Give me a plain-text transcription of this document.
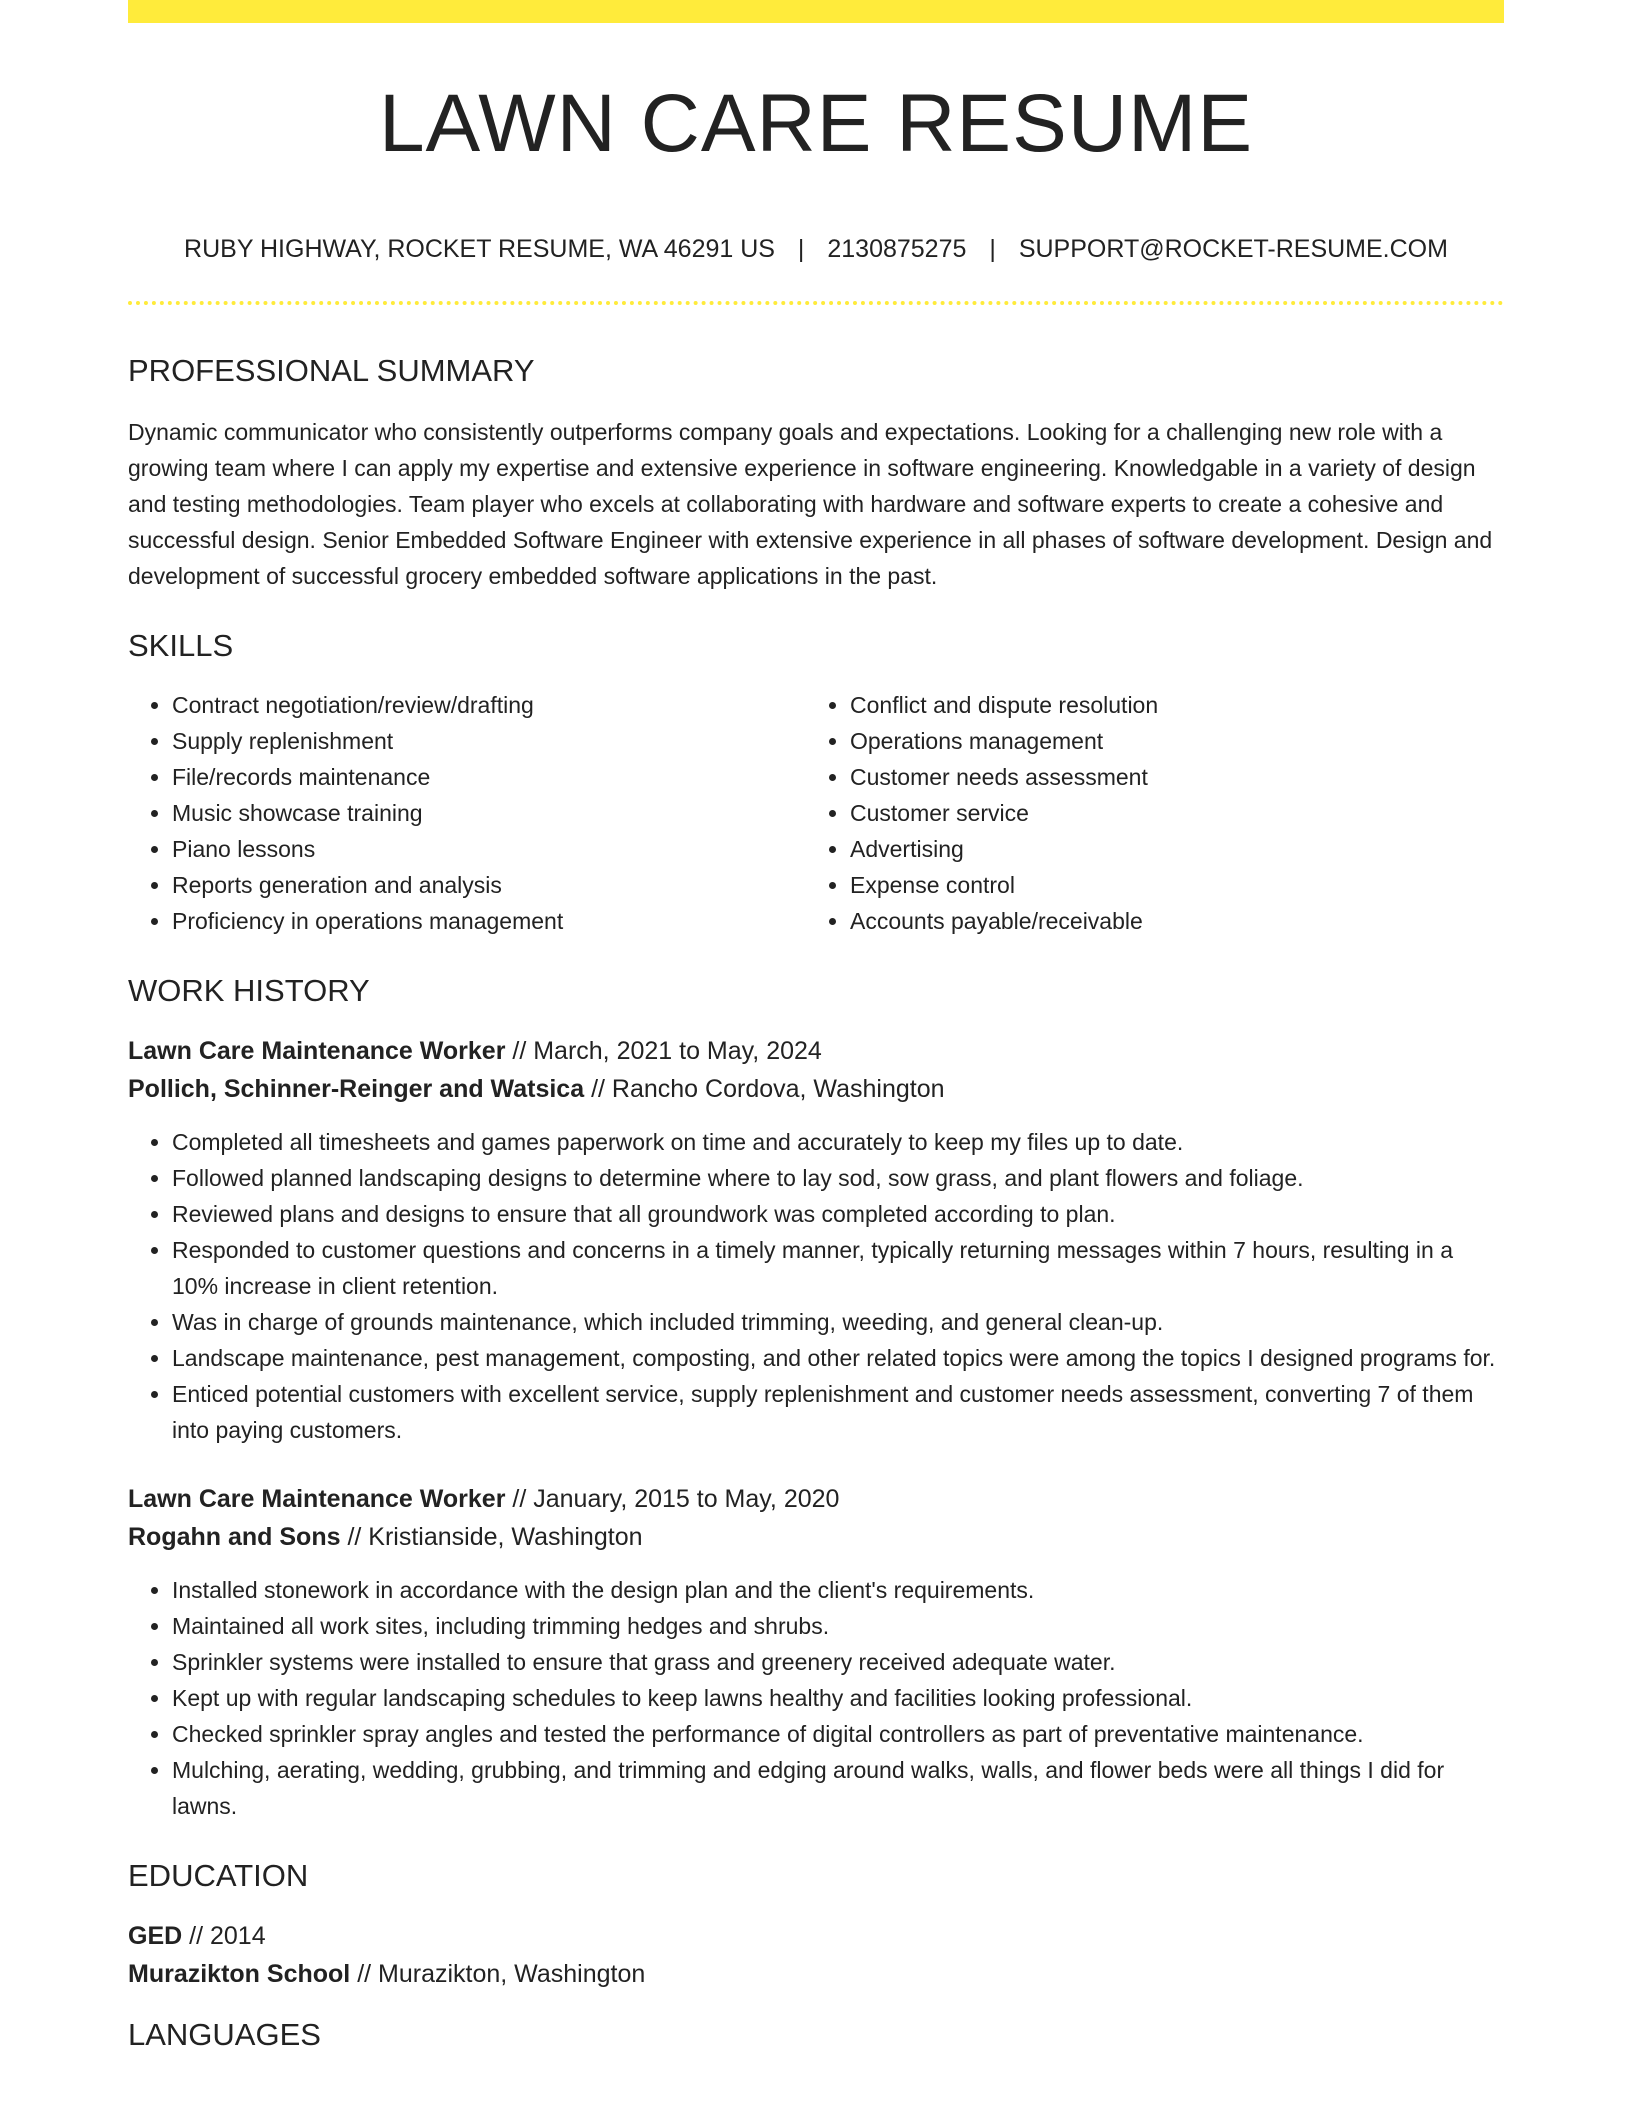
LAWN CARE RESUME
RUBY HIGHWAY, ROCKET RESUME, WA 46291 US | 2130875275 | SUPPORT@ROCKET-RESUME.COM
PROFESSIONAL SUMMARY
Dynamic communicator who consistently outperforms company goals and expectations. Looking for a challenging new role with a growing team where I can apply my expertise and extensive experience in software engineering. Knowledgable in a variety of design and testing methodologies. Team player who excels at collaborating with hardware and software experts to create a cohesive and successful design. Senior Embedded Software Engineer with extensive experience in all phases of software development. Design and development of successful grocery embedded software applications in the past.
SKILLS
• Contract negotiation/review/drafting
• Supply replenishment
• File/records maintenance
• Music showcase training
• Piano lessons
• Reports generation and analysis
• Proficiency in operations management
• Conflict and dispute resolution
• Operations management
• Customer needs assessment
• Customer service
• Advertising
• Expense control
• Accounts payable/receivable
WORK HISTORY
Lawn Care Maintenance Worker // March, 2021 to May, 2024
Pollich, Schinner-Reinger and Watsica // Rancho Cordova, Washington
• Completed all timesheets and games paperwork on time and accurately to keep my files up to date.
• Followed planned landscaping designs to determine where to lay sod, sow grass, and plant flowers and foliage.
• Reviewed plans and designs to ensure that all groundwork was completed according to plan.
• Responded to customer questions and concerns in a timely manner, typically returning messages within 7 hours, resulting in a 10% increase in client retention.
• Was in charge of grounds maintenance, which included trimming, weeding, and general clean-up.
• Landscape maintenance, pest management, composting, and other related topics were among the topics I designed programs for.
• Enticed potential customers with excellent service, supply replenishment and customer needs assessment, converting 7 of them into paying customers.
Lawn Care Maintenance Worker // January, 2015 to May, 2020
Rogahn and Sons // Kristianside, Washington
• Installed stonework in accordance with the design plan and the client's requirements.
• Maintained all work sites, including trimming hedges and shrubs.
• Sprinkler systems were installed to ensure that grass and greenery received adequate water.
• Kept up with regular landscaping schedules to keep lawns healthy and facilities looking professional.
• Checked sprinkler spray angles and tested the performance of digital controllers as part of preventative maintenance.
• Mulching, aerating, wedding, grubbing, and trimming and edging around walks, walls, and flower beds were all things I did for lawns.
EDUCATION
GED // 2014
Murazikton School // Murazikton, Washington
LANGUAGES
